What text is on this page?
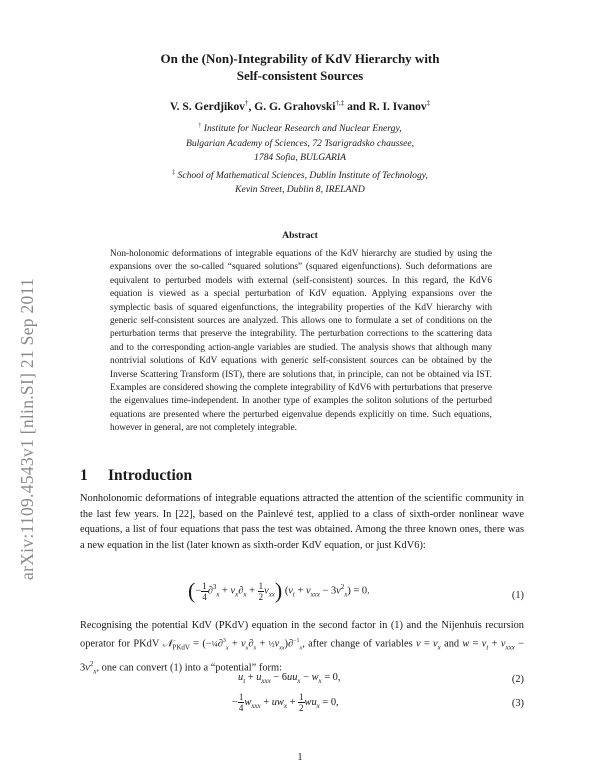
arXiv:1109.4543v1 [nlin.SI] 21 Sep 2011
On the (Non)-Integrability of KdV Hierarchy with
Self-consistent Sources
V. S. Gerdjikov†, G. G. Grahovski†,‡ and R. I. Ivanov‡
† Institute for Nuclear Research and Nuclear Energy,
Bulgarian Academy of Sciences, 72 Tsarigradsko chaussee,
1784 Sofia, BULGARIA
‡ School of Mathematical Sciences, Dublin Institute of Technology,
Kevin Street, Dublin 8, IRELAND
Abstract
Non-holonomic deformations of integrable equations of the KdV hierarchy are studied by using the expansions over the so-called “squared solutions” (squared eigenfunctions). Such deformations are equivalent to perturbed models with external (self-consistent) sources. In this regard, the KdV6 equation is viewed as a special perturbation of KdV equation. Applying expansions over the symplectic basis of squared eigenfunctions, the integrability properties of the KdV hierarchy with generic self-consistent sources are analyzed. This allows one to formulate a set of conditions on the perturbation terms that preserve the integrability. The perturbation corrections to the scattering data and to the corresponding action-angle variables are studied. The analysis shows that although many nontrivial solutions of KdV equations with generic self-consistent sources can be obtained by the Inverse Scattering Transform (IST), there are solutions that, in principle, can not be obtained via IST. Examples are considered showing the complete integrability of KdV6 with perturbations that preserve the eigenvalues time-independent. In another type of examples the soliton solutions of the perturbed equations are presented where the perturbed eigenvalue depends explicitly on time. Such equations, however in general, are not completely integrable.
1 Introduction
Nonholonomic deformations of integrable equations attracted the attention of the scientific community in the last few years. In [22], based on the Painlevé test, applied to a class of sixth-order nonlinear wave equations, a list of four equations that pass the test was obtained. Among the three known ones, there was a new equation in the list (later known as sixth-order KdV equation, or just KdV6):
(− $\frac{1}{4} \partial^3_x + v_x\partial_x + \frac{1}{2} v_{xx}$) $(v_t + v_{xxx} - 3v^2_x) = 0$.	(1)
Recognising the potential KdV (PKdV) equation in the second factor in (1) and the Nijenhuis recursion operator for PKdV 𝒩$_{PKdV}$ = (−¼∂$^3_x$ + $v_x\partial_x$ + $\frac{1}{2}v_{xx})\partial^{-1}_x$, after change of variables $v = v_x$ and $w = v_t + v_{xxx} - 3v^2_x$, one can convert (1) into a “potential” form:
$u_t + u_{xxx} - 6uu_x - w_x = 0$,	(2)
− $\frac{1}{4} w_{xxx} + uw_x + \frac{1}{2} wu_x = 0$,	(3)
1
